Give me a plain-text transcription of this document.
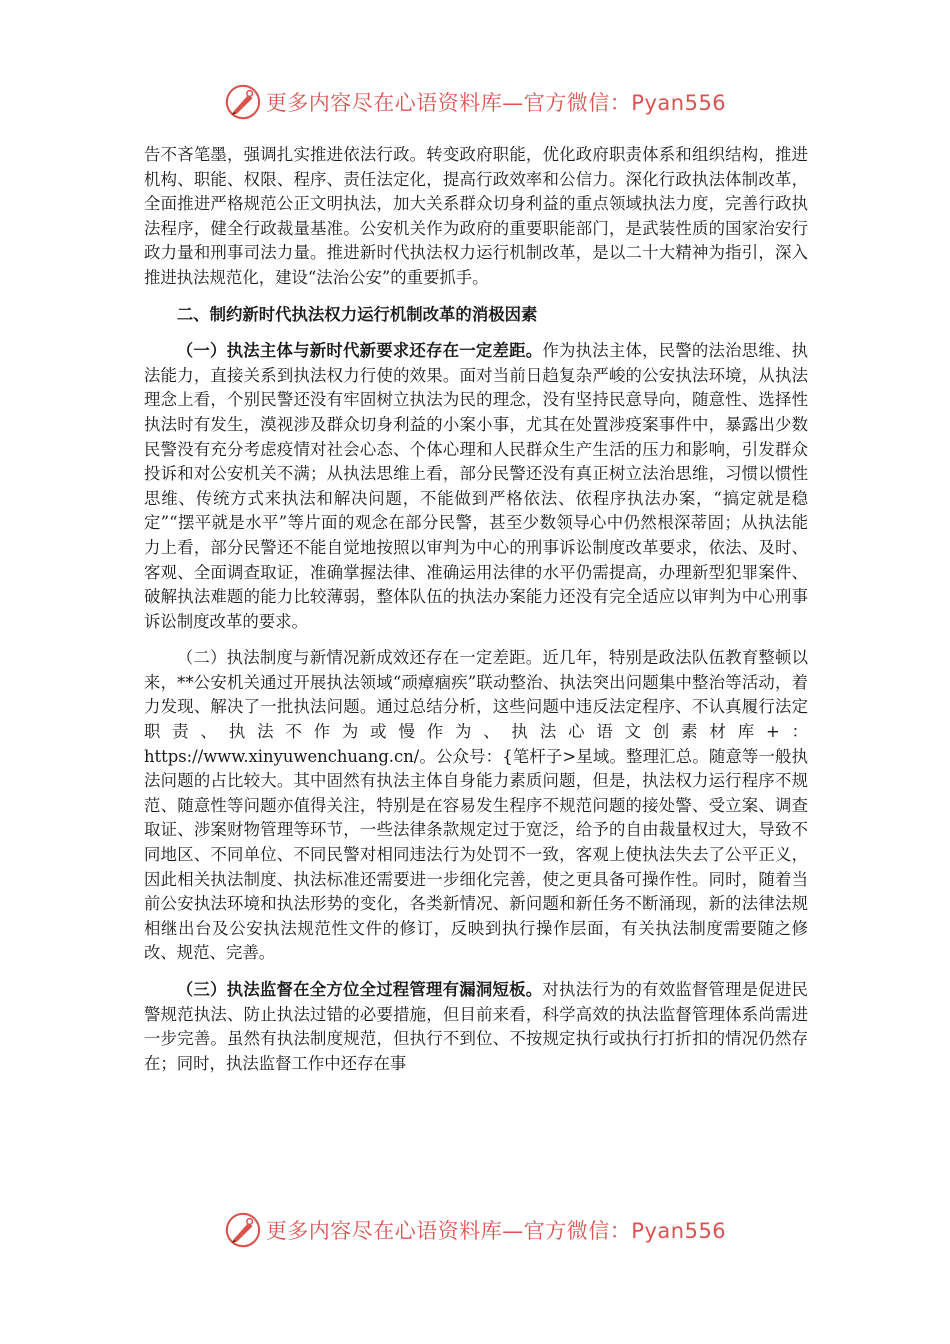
更多内容尽在心语资料库—官方微信：Pyan556

告不吝笔墨，强调扎实推进依法行政。转变政府职能，优化政府职责体系和组织结构，推进机构、职能、权限、程序、责任法定化，提高行政效率和公信力。深化行政执法体制改革，全面推进严格规范公正文明执法，加大关系群众切身利益的重点领域执法力度，完善行政执法程序，健全行政裁量基准。公安机关作为政府的重要职能部门，是武装性质的国家治安行政力量和刑事司法力量。推进新时代执法权力运行机制改革，是以二十大精神为指引，深入推进执法规范化，建设“法治公安”的重要抓手。

二、制约新时代执法权力运行机制改革的消极因素

（一）执法主体与新时代新要求还存在一定差距。作为执法主体，民警的法治思维、执法能力，直接关系到执法权力行使的效果。面对当前日趋复杂严峻的公安执法环境，从执法理念上看，个别民警还没有牢固树立执法为民的理念，没有坚持民意导向，随意性、选择性执法时有发生，漠视涉及群众切身利益的小案小事，尤其在处置涉疫案事件中，暴露出少数民警没有充分考虑疫情对社会心态、个体心理和人民群众生产生活的压力和影响，引发群众投诉和对公安机关不满；从执法思维上看，部分民警还没有真正树立法治思维，习惯以惯性思维、传统方式来执法和解决问题，不能做到严格依法、依程序执法办案，“搞定就是稳定”“摆平就是水平”等片面的观念在部分民警，甚至少数领导心中仍然根深蒂固；从执法能力上看，部分民警还不能自觉地按照以审判为中心的刑事诉讼制度改革要求，依法、及时、客观、全面调查取证，准确掌握法律、准确运用法律的水平仍需提高，办理新型犯罪案件、破解执法难题的能力比较薄弱，整体队伍的执法办案能力还没有完全适应以审判为中心刑事诉讼制度改革的要求。

（二）执法制度与新情况新成效还存在一定差距。近几年，特别是政法队伍教育整顿以来，**公安机关通过开展执法领域“顽瘴痼疾”联动整治、执法突出问题集中整治等活动，着力发现、解决了一批执法问题。通过总结分析，这些问题中违反法定程序、不认真履行法定职责、执法不作为或慢作为、执法心语文创素材库+：https://www.xinyuwenchuang.cn/。公众号：{笔杆子>星域。整理汇总。随意等一般执法问题的占比较大。其中固然有执法主体自身能力素质问题，但是，执法权力运行程序不规范、随意性等问题亦值得关注，特别是在容易发生程序不规范问题的接处警、受立案、调查取证、涉案财物管理等环节，一些法律条款规定过于宽泛，给予的自由裁量权过大，导致不同地区、不同单位、不同民警对相同违法行为处罚不一致，客观上使执法失去了公平正义，因此相关执法制度、执法标准还需要进一步细化完善，使之更具备可操作性。同时，随着当前公安执法环境和执法形势的变化，各类新情况、新问题和新任务不断涌现，新的法律法规相继出台及公安执法规范性文件的修订，反映到执行操作层面，有关执法制度需要随之修改、规范、完善。

（三）执法监督在全方位全过程管理有漏洞短板。对执法行为的有效监督管理是促进民警规范执法、防止执法过错的必要措施，但目前来看，科学高效的执法监督管理体系尚需进一步完善。虽然有执法制度规范，但执行不到位、不按规定执行或执行打折扣的情况仍然存在；同时，执法监督工作中还存在事

更多内容尽在心语资料库—官方微信：Pyan556
